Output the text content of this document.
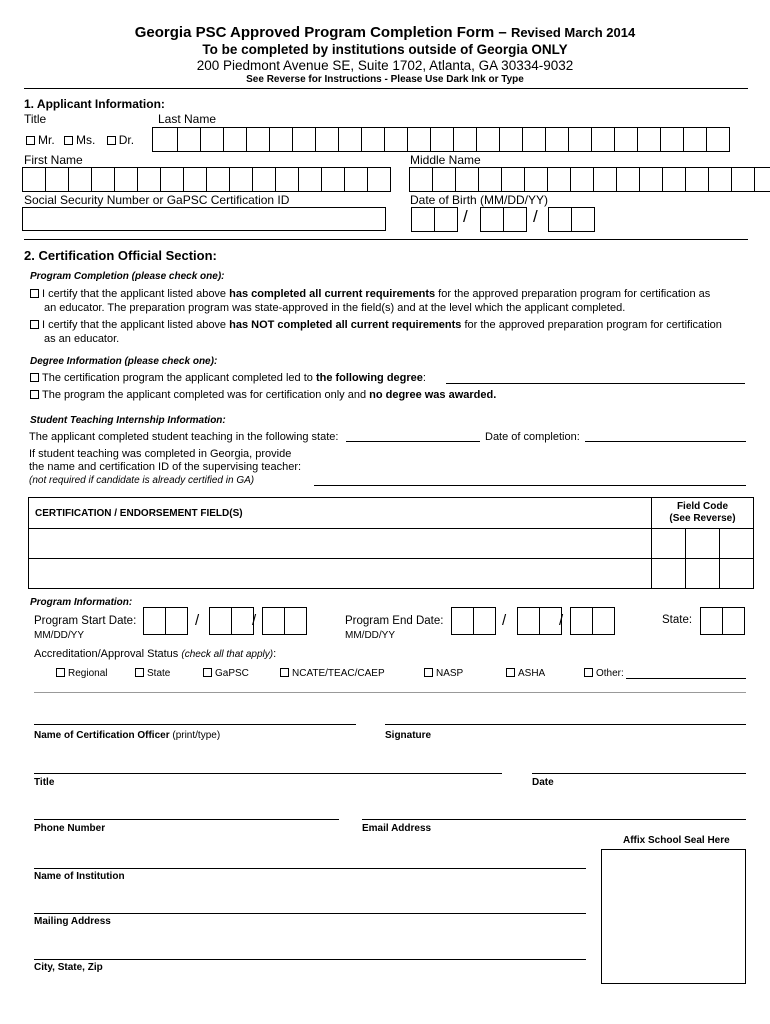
Georgia PSC Approved Program Completion Form – Revised March 2014
To be completed by institutions outside of Georgia ONLY
200 Piedmont Avenue SE, Suite 1702, Atlanta, GA 30334-9032
See Reverse for Instructions - Please Use Dark Ink or Type
1. Applicant Information:
Title	Last Name
Mr. Ms. Dr.
First Name	Middle Name
Social Security Number or GaPSC Certification ID	Date of Birth (MM/DD/YY)
/	/
2. Certification Official Section:
Program Completion (please check one):
I certify that the applicant listed above has completed all current requirements for the approved preparation program for certification as
an educator. The preparation program was state-approved in the field(s) and at the level which the applicant completed.
I certify that the applicant listed above has NOT completed all current requirements for the approved preparation program for certification
as an educator.
Degree Information (please check one):
The certification program the applicant completed led to the following degree:
The program the applicant completed was for certification only and no degree was awarded.
Student Teaching Internship Information:
The applicant completed student teaching in the following state:	Date of completion:
If student teaching was completed in Georgia, provide
the name and certification ID of the supervising teacher:
(not required if candidate is already certified in GA)
CERTIFICATION / ENDORSEMENT FIELD(S)	Field Code
(See Reverse)		

Program Information:
Program Start Date:
MM/DD/YY
/	/	Program End Date:
MM/DD/YY
/	/	State:
Accreditation/Approval Status (check all that apply):
Regional	State	GaPSC	NCATE/TEAC/CAEP	NASP	ASHA	Other:
Name of Certification Officer (print/type)	Signature
Title	Date
Phone Number	Email Address
Affix School Seal Here
Name of Institution
Mailing Address
City, State, Zip
